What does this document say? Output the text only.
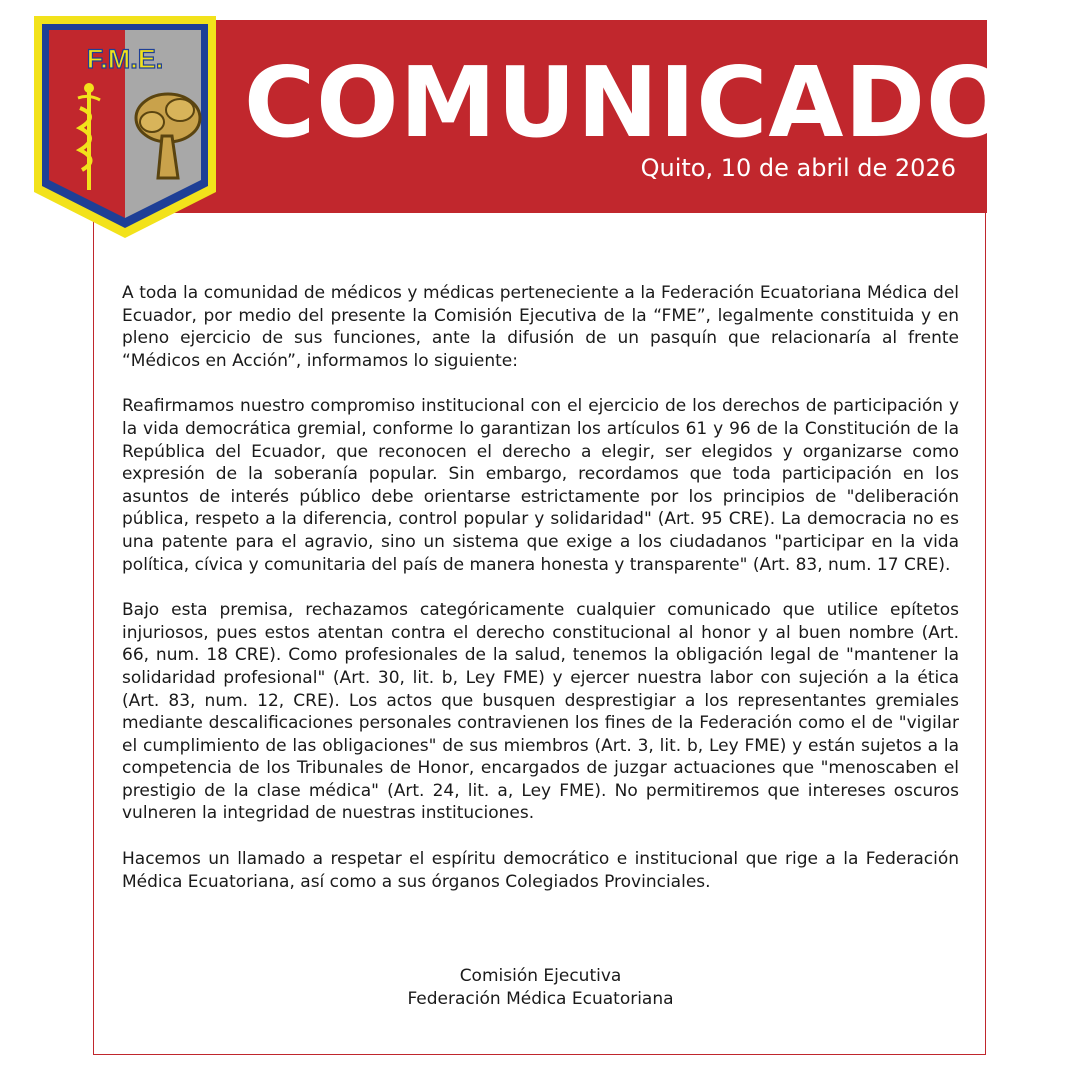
COMUNICADO
Quito, 10 de abril de 2026
F.M.E.

A toda la comunidad de médicos y médicas perteneciente a la Federación Ecuatoriana Médica del Ecuador, por medio del presente la Comisión Ejecutiva de la “FME”, legalmente constituida y en pleno ejercicio de sus funciones, ante la difusión de un pasquín que relacionaría al frente “Médicos en Acción”, informamos lo siguiente:

Reafirmamos nuestro compromiso institucional con el ejercicio de los derechos de participación y la vida democrática gremial, conforme lo garantizan los artículos 61 y 96 de la Constitución de la República del Ecuador, que reconocen el derecho a elegir, ser elegidos y organizarse como expresión de la soberanía popular. Sin embargo, recordamos que toda participación en los asuntos de interés público debe orientarse estrictamente por los principios de "deliberación pública, respeto a la diferencia, control popular y solidaridad" (Art. 95 CRE). La democracia no es una patente para el agravio, sino un sistema que exige a los ciudadanos "participar en la vida política, cívica y comunitaria del país de manera honesta y transparente" (Art. 83, num. 17 CRE).

Bajo esta premisa, rechazamos categóricamente cualquier comunicado que utilice epítetos injuriosos, pues estos atentan contra el derecho constitucional al honor y al buen nombre (Art. 66, num. 18 CRE). Como profesionales de la salud, tenemos la obligación legal de "mantener la solidaridad profesional" (Art. 30, lit. b, Ley FME) y ejercer nuestra labor con sujeción a la ética (Art. 83, num. 12, CRE). Los actos que busquen desprestigiar a los representantes gremiales mediante descalificaciones personales contravienen los fines de la Federación como el de "vigilar el cumplimiento de las obligaciones" de sus miembros (Art. 3, lit. b, Ley FME) y están sujetos a la competencia de los Tribunales de Honor, encargados de juzgar actuaciones que "menoscaben el prestigio de la clase médica" (Art. 24, lit. a, Ley FME). No permitiremos que intereses oscuros vulneren la integridad de nuestras instituciones.

Hacemos un llamado a respetar el espíritu democrático e institucional que rige a la Federación Médica Ecuatoriana, así como a sus órganos Colegiados Provinciales.

Comisión Ejecutiva
Federación Médica Ecuatoriana
